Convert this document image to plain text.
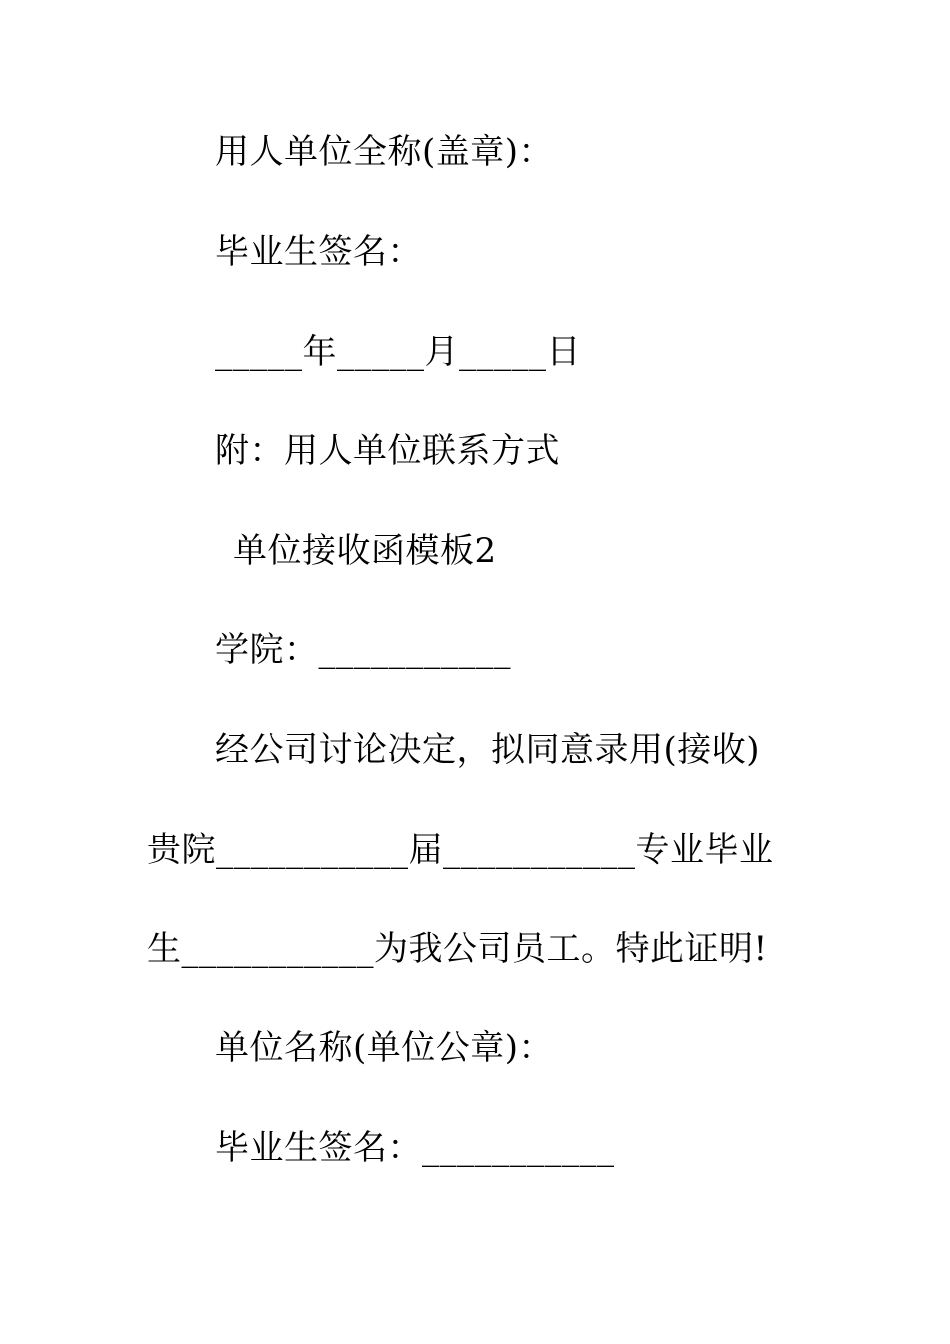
用人单位全称(盖章)：
毕业生签名：
_____年_____月_____日
附：用人单位联系方式
单位接收函模板2
学院：___________
经公司讨论决定，拟同意录用(接收)
贵院___________届___________专业毕业
生___________为我公司员工。特此证明!
单位名称(单位公章)：
毕业生签名：___________
